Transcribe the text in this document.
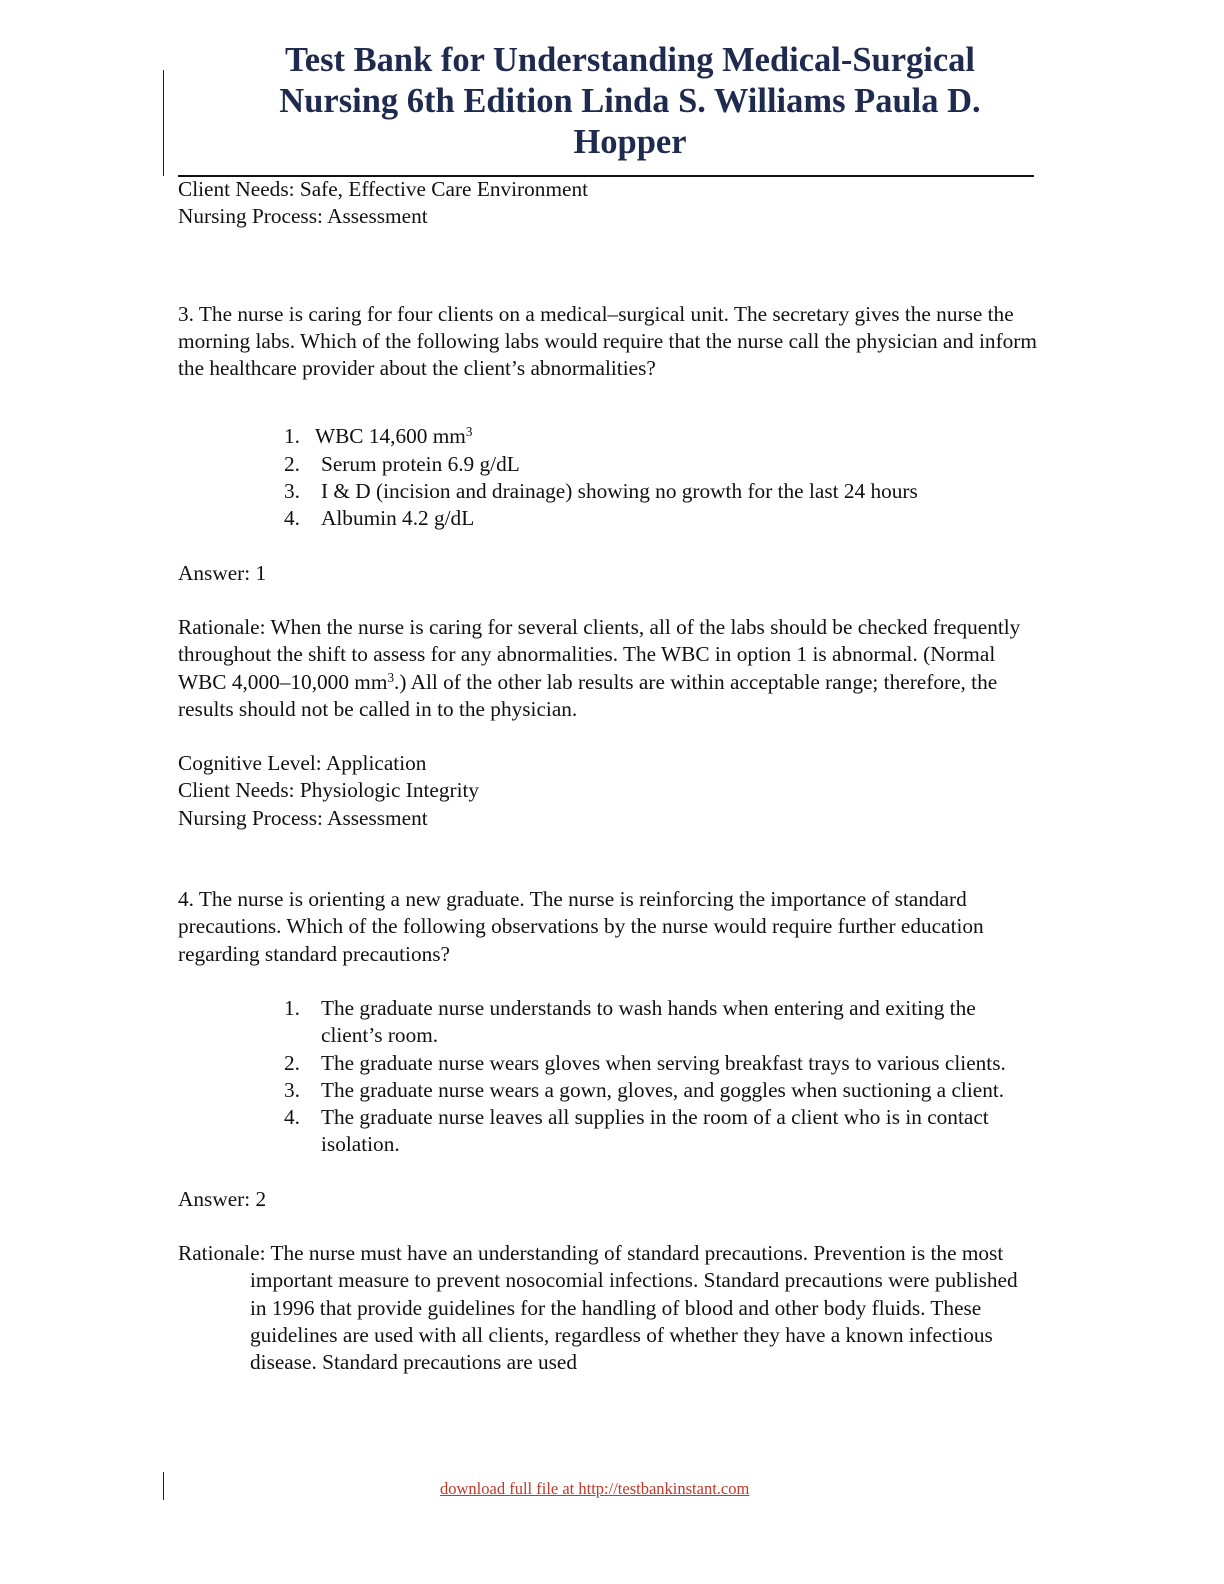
Test Bank for Understanding Medical-Surgical Nursing 6th Edition Linda S. Williams Paula D. Hopper

Client Needs: Safe, Effective Care Environment

Nursing Process: Assessment

3. The nurse is caring for four clients on a medical–surgical unit. The secretary gives the nurse the morning labs. Which of the following labs would require that the nurse call the physician and inform the healthcare provider about the client’s abnormalities?

1. WBC 14,600 $mm^3$
2. Serum protein 6.9 g/dL
3. I & D (incision and drainage) showing no growth for the last 24 hours
4. Albumin 4.2 g/dL

Answer: 1

Rationale: When the nurse is caring for several clients, all of the labs should be checked frequently throughout the shift to assess for any abnormalities. The WBC in option 1 is abnormal. (Normal WBC 4,000–10,000 $mm^3$.) All of the other lab results are within acceptable range; therefore, the results should not be called in to the physician.

Cognitive Level: Application

Client Needs: Physiologic Integrity

Nursing Process: Assessment

4. The nurse is orienting a new graduate. The nurse is reinforcing the importance of standard precautions. Which of the following observations by the nurse would require further education regarding standard precautions?

1. The graduate nurse understands to wash hands when entering and exiting the client’s room.
2. The graduate nurse wears gloves when serving breakfast trays to various clients.
3. The graduate nurse wears a gown, gloves, and goggles when suctioning a client.
4. The graduate nurse leaves all supplies in the room of a client who is in contact isolation.

Answer: 2

Rationale: The nurse must have an understanding of standard precautions. Prevention is the most important measure to prevent nosocomial infections. Standard precautions were published in 1996 that provide guidelines for the handling of blood and other body fluids. These guidelines are used with all clients, regardless of whether they have a known infectious disease. Standard precautions are used

download full file at http://testbankinstant.com
